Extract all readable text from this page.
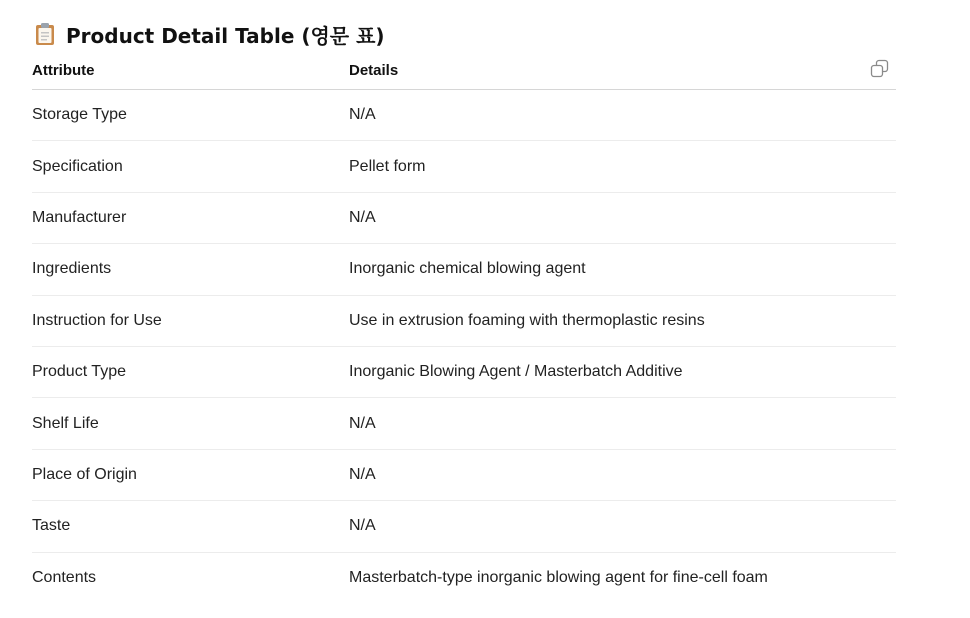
Product Detail Table (영문 표)
Attribute	Details
Storage Type	N/A
Specification	Pellet form
Manufacturer	N/A
Ingredients	Inorganic chemical blowing agent
Instruction for Use	Use in extrusion foaming with thermoplastic resins
Product Type	Inorganic Blowing Agent / Masterbatch Additive
Shelf Life	N/A
Place of Origin	N/A
Taste	N/A
Contents	Masterbatch-type inorganic blowing agent for fine-cell foam
